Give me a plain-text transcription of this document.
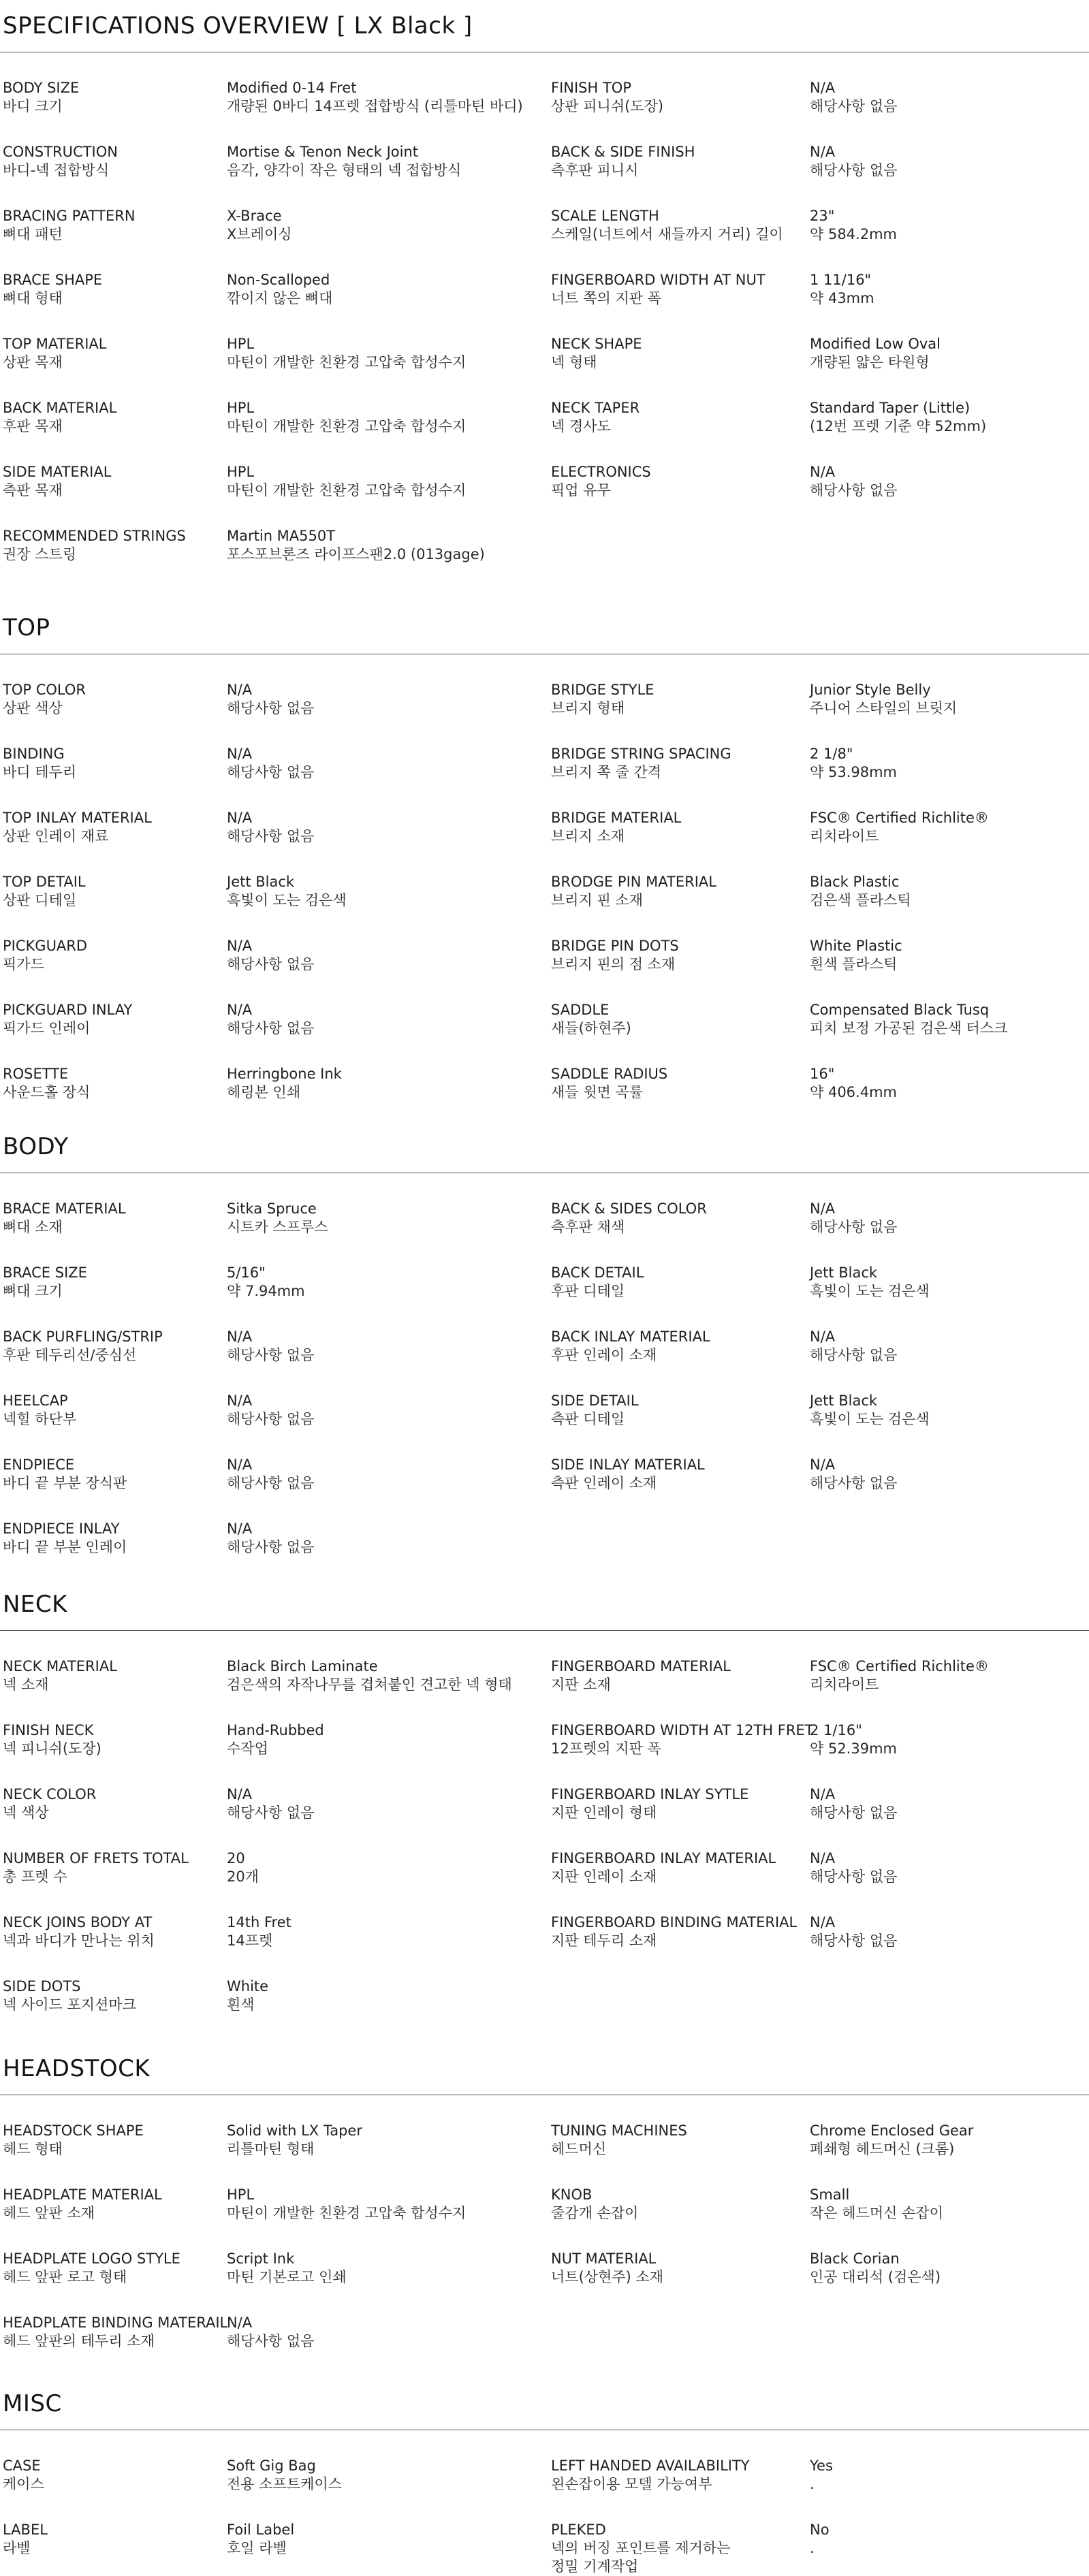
SPECIFICATIONS OVERVIEW [ LX Black ]
BODY SIZE
바디 크기
Modified 0-14 Fret
개량된 0바디 14프렛 접합방식 (리틀마틴 바디)
CONSTRUCTION
바디-넥 접합방식
Mortise & Tenon Neck Joint
음각, 양각이 작은 형태의 넥 접합방식
BRACING PATTERN
뼈대 패턴
X-Brace
X브레이싱
BRACE SHAPE
뼈대 형태
Non-Scalloped
깎이지 않은 뼈대
TOP MATERIAL
상판 목재
HPL
마틴이 개발한 친환경 고압축 합성수지
BACK MATERIAL
후판 목재
HPL
마틴이 개발한 친환경 고압축 합성수지
SIDE MATERIAL
측판 목재
HPL
마틴이 개발한 친환경 고압축 합성수지
RECOMMENDED STRINGS
권장 스트링
Martin MA550T
포스포브론즈 라이프스팬2.0 (013gage)
FINISH TOP
상판 피니쉬(도장)
N/A
해당사항 없음
BACK & SIDE FINISH
측후판 피니시
N/A
해당사항 없음
SCALE LENGTH
스케일(너트에서 새들까지 거리) 길이
23"
약 584.2mm
FINGERBOARD WIDTH AT NUT
너트 쪽의 지판 폭
1 11/16"
약 43mm
NECK SHAPE
넥 형태
Modified Low Oval
개량된 얇은 타원형
NECK TAPER
넥 경사도
Standard Taper (Little)
(12번 프렛 기준 약 52mm)
ELECTRONICS
픽업 유무
N/A
해당사항 없음
TOP
TOP COLOR
상판 색상
N/A
해당사항 없음
BINDING
바디 테두리
N/A
해당사항 없음
TOP INLAY MATERIAL
상판 인레이 재료
N/A
해당사항 없음
TOP DETAIL
상판 디테일
Jett Black
흑빛이 도는 검은색
PICKGUARD
픽가드
N/A
해당사항 없음
PICKGUARD INLAY
픽가드 인레이
N/A
해당사항 없음
ROSETTE
사운드홀 장식
Herringbone Ink
헤링본 인쇄
BRIDGE STYLE
브리지 형태
Junior Style Belly
주니어 스타일의 브릿지
BRIDGE STRING SPACING
브리지 쪽 줄 간격
2 1/8"
약 53.98mm
BRIDGE MATERIAL
브리지 소재
FSC® Certified Richlite®
리치라이트
BRODGE PIN MATERIAL
브리지 핀 소재
Black Plastic
검은색 플라스틱
BRIDGE PIN DOTS
브리지 핀의 점 소재
White Plastic
흰색 플라스틱
SADDLE
새들(하현주)
Compensated Black Tusq
피치 보정 가공된 검은색 터스크
SADDLE RADIUS
새들 윗면 곡률
16"
약 406.4mm
BODY
BRACE MATERIAL
뼈대 소재
Sitka Spruce
시트카 스프루스
BRACE SIZE
뼈대 크기
5/16"
약 7.94mm
BACK PURFLING/STRIP
후판 테두리선/중심선
N/A
해당사항 없음
HEELCAP
넥힐 하단부
N/A
해당사항 없음
ENDPIECE
바디 끝 부분 장식판
N/A
해당사항 없음
ENDPIECE INLAY
바디 끝 부분 인레이
N/A
해당사항 없음
BACK & SIDES COLOR
측후판 채색
N/A
해당사항 없음
BACK DETAIL
후판 디테일
Jett Black
흑빛이 도는 검은색
BACK INLAY MATERIAL
후판 인레이 소재
N/A
해당사항 없음
SIDE DETAIL
측판 디테일
Jett Black
흑빛이 도는 검은색
SIDE INLAY MATERIAL
측판 인레이 소재
N/A
해당사항 없음
NECK
NECK MATERIAL
넥 소재
Black Birch Laminate
검은색의 자작나무를 겹쳐붙인 견고한 넥 형태
FINISH NECK
넥 피니쉬(도장)
Hand-Rubbed
수작업
NECK COLOR
넥 색상
N/A
해당사항 없음
NUMBER OF FRETS TOTAL
총 프렛 수
20
20개
NECK JOINS BODY AT
넥과 바디가 만나는 위치
14th Fret
14프렛
SIDE DOTS
넥 사이드 포지션마크
White
흰색
FINGERBOARD MATERIAL
지판 소재
FSC® Certified Richlite®
리치라이트
FINGERBOARD WIDTH AT 12TH FRET
12프렛의 지판 폭
2 1/16"
약 52.39mm
FINGERBOARD INLAY SYTLE
지판 인레이 형태
N/A
해당사항 없음
FINGERBOARD INLAY MATERIAL
지판 인레이 소재
N/A
해당사항 없음
FINGERBOARD BINDING MATERIAL
지판 테두리 소재
N/A
해당사항 없음
HEADSTOCK
HEADSTOCK SHAPE
헤드 형태
Solid with LX Taper
리틀마틴 형태
HEADPLATE MATERIAL
헤드 앞판 소재
HPL
마틴이 개발한 친환경 고압축 합성수지
HEADPLATE LOGO STYLE
헤드 앞판 로고 형태
Script Ink
마틴 기본로고 인쇄
HEADPLATE BINDING MATERAIL
헤드 앞판의 테두리 소재
N/A
해당사항 없음
TUNING MACHINES
헤드머신
Chrome Enclosed Gear
폐쇄형 헤드머신 (크롬)
KNOB
줄감개 손잡이
Small
작은 헤드머신 손잡이
NUT MATERIAL
너트(상현주) 소재
Black Corian
인공 대리석 (검은색)
MISC
CASE
케이스
Soft Gig Bag
전용 소프트케이스
LABEL
라벨
Foil Label
호일 라벨
LEFT HANDED AVAILABILITY
왼손잡이용 모델 가능여부
Yes
.
PLEKED
넥의 버징 포인트를 제거하는
정밀 기계작업
No
.
